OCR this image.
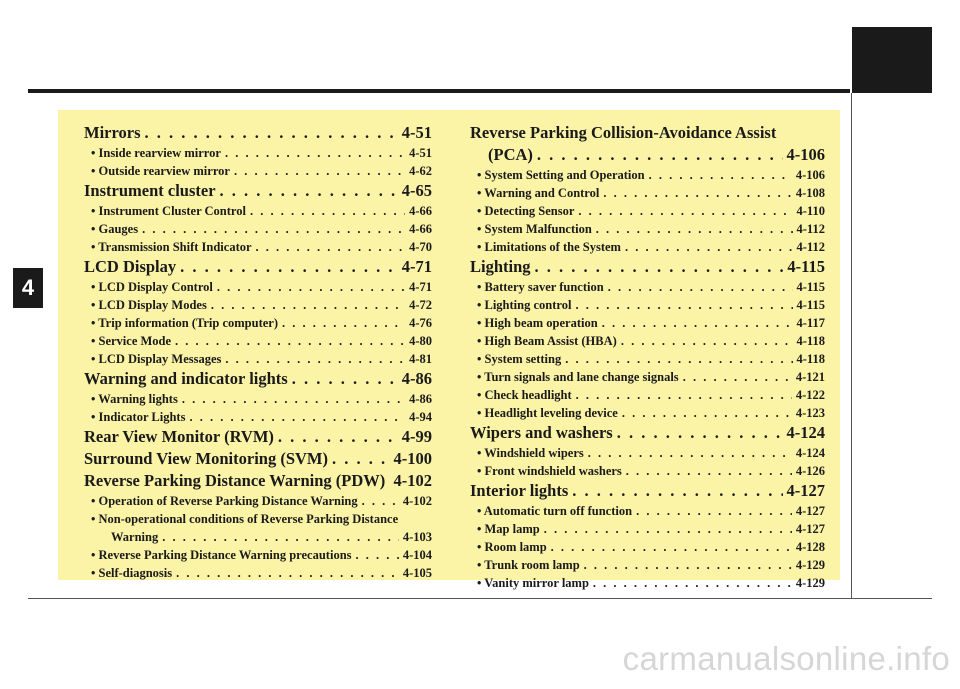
4
Mirrors . . .	4-51
• Inside rearview mirror . . .	4-51
• Outside rearview mirror . . .	4-62
Instrument cluster . . .	4-65
• Instrument Cluster Control . . .	4-66
• Gauges . . .	4-66
• Transmission Shift Indicator . . .	4-70
LCD Display . . .	4-71
• LCD Display Control . . .	4-71
• LCD Display Modes . . .	4-72
• Trip information (Trip computer) . . .	4-76
• Service Mode . . .	4-80
• LCD Display Messages . . .	4-81
Warning and indicator lights . . .	4-86
• Warning lights . . .	4-86
• Indicator Lights . . .	4-94
Rear View Monitor (RVM) . . .	4-99
Surround View Monitoring (SVM) . . .	4-100
Reverse Parking Distance Warning (PDW) . . . 4-102
• Operation of Reverse Parking Distance Warning . . .	4-102
• Non-operational conditions of Reverse Parking Distance
Warning . . .	4-103
• Reverse Parking Distance Warning precautions . . .	4-104
• Self-diagnosis . . .	4-105
Reverse Parking Collision-Avoidance Assist
(PCA) . . .	4-106
• System Setting and Operation . . .	4-106
• Warning and Control . . .	4-108
• Detecting Sensor . . .	4-110
• System Malfunction . . .	4-112
• Limitations of the System . . .	4-112
Lighting . . .	4-115
• Battery saver function . . .	4-115
• Lighting control . . .	4-115
• High beam operation . . .	4-117
• High Beam Assist (HBA) . . .	4-118
• System setting . . .	4-118
• Turn signals and lane change signals . . .	4-121
• Check headlight . . .	4-122
• Headlight leveling device . . .	4-123
Wipers and washers . . .	4-124
• Windshield wipers . . .	4-124
• Front windshield washers . . .	4-126
Interior lights . . .	4-127
• Automatic turn off function . . .	4-127
• Map lamp . . .	4-127
• Room lamp . . .	4-128
• Trunk room lamp . . .	4-129
• Vanity mirror lamp . . .	4-129
carmanualsonline.info
